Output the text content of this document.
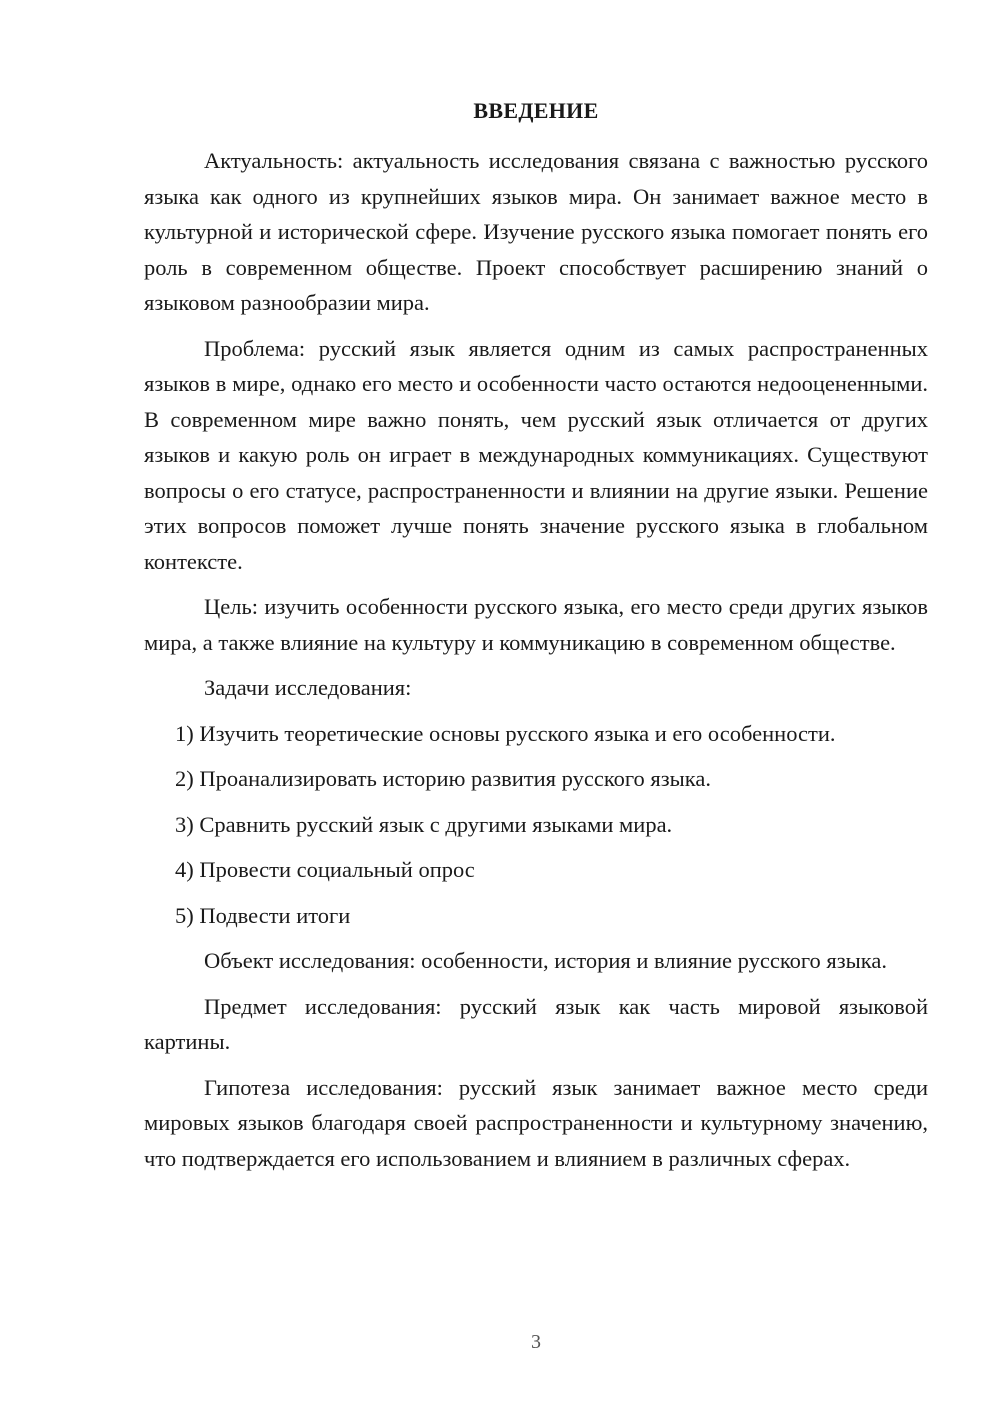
ВВЕДЕНИЕ

Актуальность: актуальность исследования связана с важностью русского языка как одного из крупнейших языков мира. Он занимает важное место в культурной и исторической сфере. Изучение русского языка помогает понять его роль в современном обществе. Проект способствует расширению знаний о языковом разнообразии мира.

Проблема: русский язык является одним из самых распространенных языков в мире, однако его место и особенности часто остаются недооцененными. В современном мире важно понять, чем русский язык отличается от других языков и какую роль он играет в международных коммуникациях. Существуют вопросы о его статусе, распространенности и влиянии на другие языки. Решение этих вопросов поможет лучше понять значение русского языка в глобальном контексте.

Цель: изучить особенности русского языка, его место среди других языков мира, а также влияние на культуру и коммуникацию в современном обществе.

Задачи исследования:

1) Изучить теоретические основы русского языка и его особенности.

2) Проанализировать историю развития русского языка.

3) Сравнить русский язык с другими языками мира.

4) Провести социальный опрос

5) Подвести итоги

Объект исследования: особенности, история и влияние русского языка.

Предмет исследования: русский язык как часть мировой языковой картины.

Гипотеза исследования: русский язык занимает важное место среди мировых языков благодаря своей распространенности и культурному значению, что подтверждается его использованием и влиянием в различных сферах.

3
